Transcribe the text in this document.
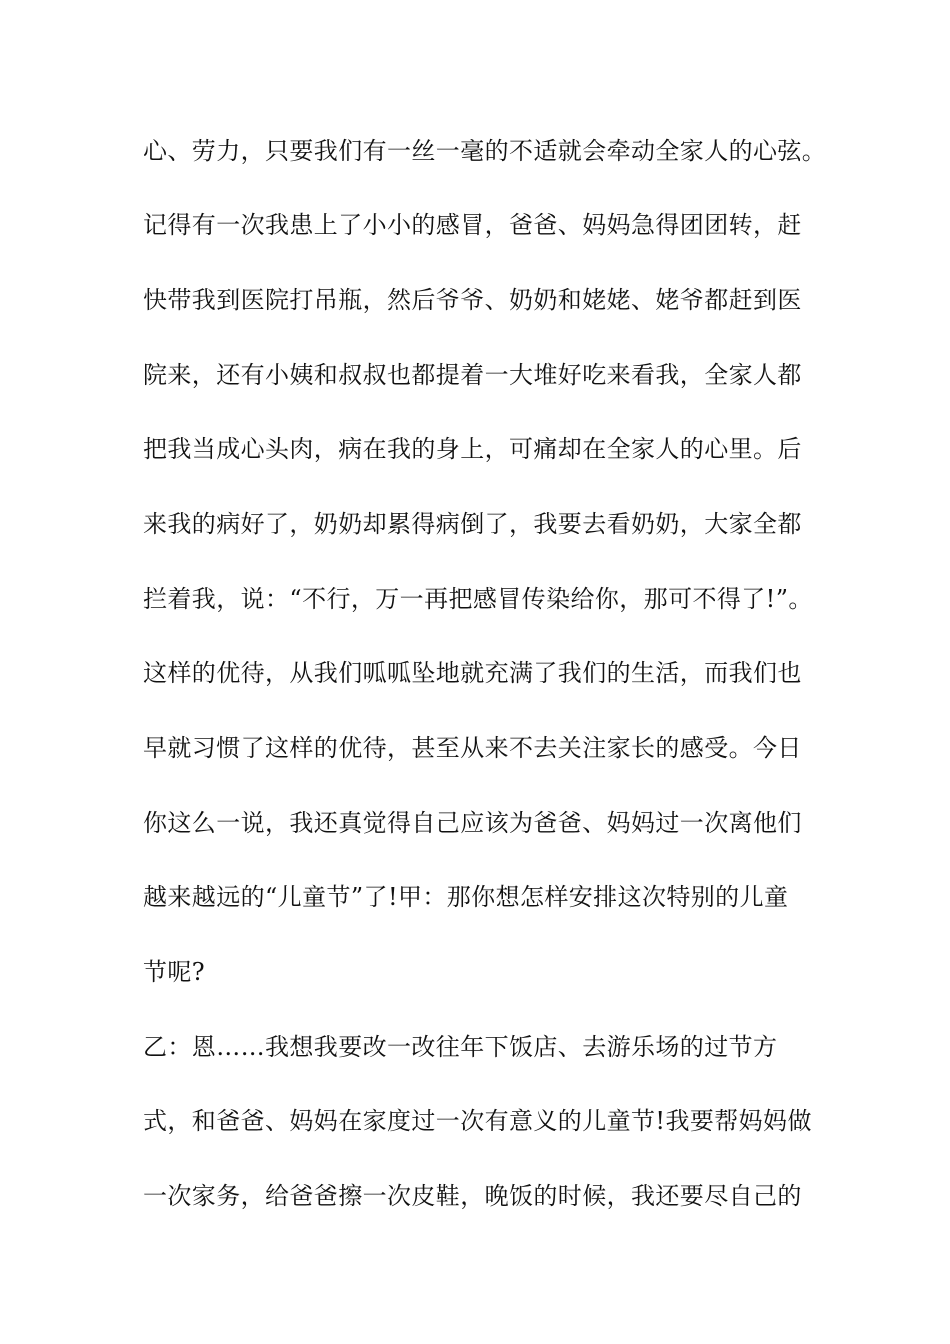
心、劳力，只要我们有一丝一毫的不适就会牵动全家人的心弦。
记得有一次我患上了小小的感冒，爸爸、妈妈急得团团转，赶
快带我到医院打吊瓶，然后爷爷、奶奶和姥姥、姥爷都赶到医
院来，还有小姨和叔叔也都提着一大堆好吃来看我，全家人都
把我当成心头肉，病在我的身上，可痛却在全家人的心里。后
来我的病好了，奶奶却累得病倒了，我要去看奶奶，大家全都
拦着我，说：“不行，万一再把感冒传染给你，那可不得了!”。
这样的优待，从我们呱呱坠地就充满了我们的生活，而我们也
早就习惯了这样的优待，甚至从来不去关注家长的感受。今日
你这么一说，我还真觉得自己应该为爸爸、妈妈过一次离他们
越来越远的“儿童节”了!甲：那你想怎样安排这次特别的儿童
节呢?
乙：恩……我想我要改一改往年下饭店、去游乐场的过节方
式，和爸爸、妈妈在家度过一次有意义的儿童节!我要帮妈妈做
一次家务，给爸爸擦一次皮鞋，晚饭的时候，我还要尽自己的
